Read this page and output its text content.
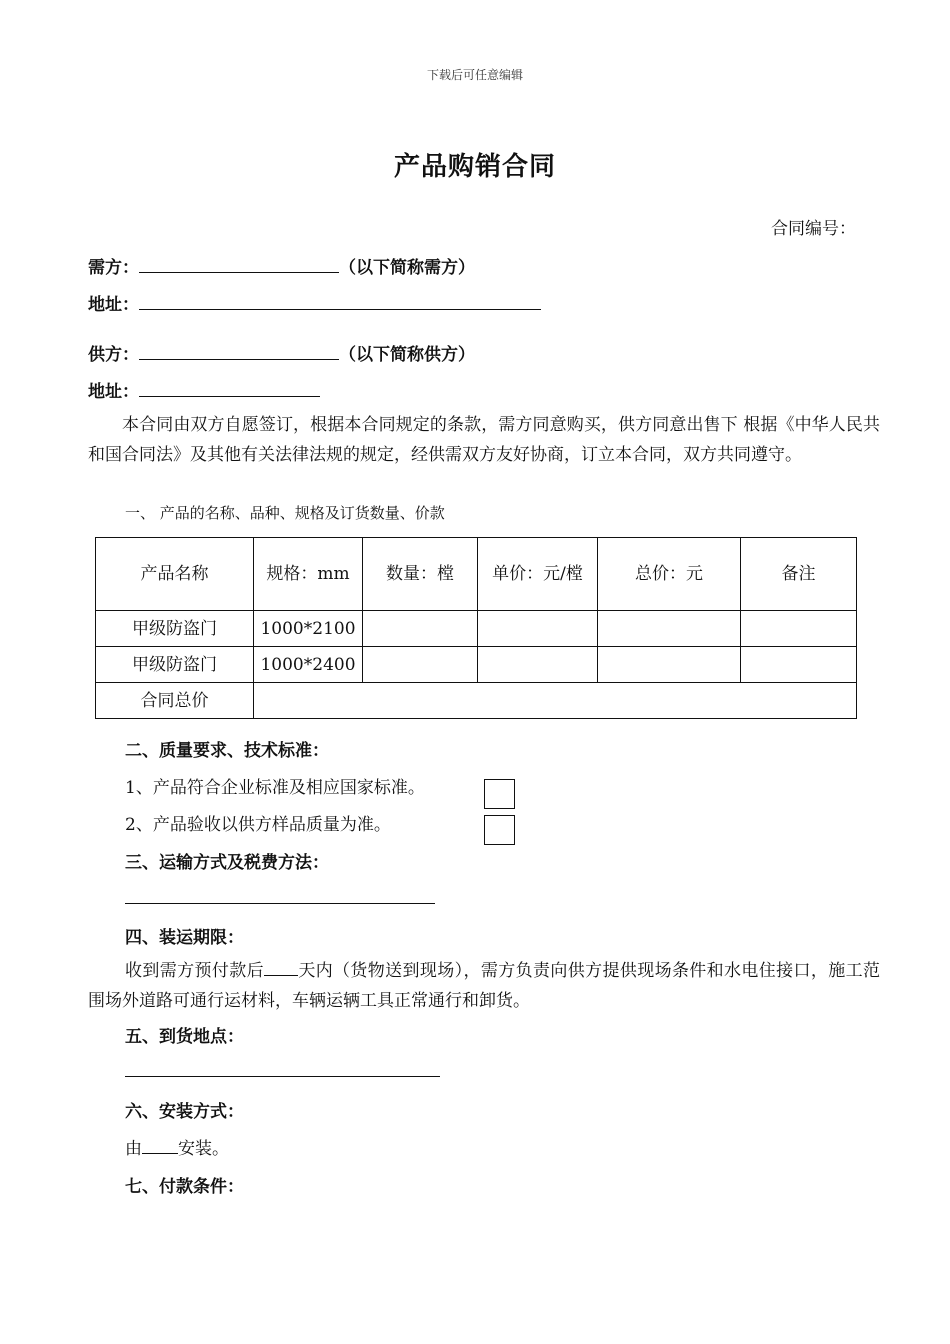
下载后可任意编辑
产品购销合同
合同编号：
需方：	（以下简称需方）
地址：
供方：	（以下简称供方）
地址：
本合同由双方自愿签订，根据本合同规定的条款，需方同意购买，供方同意出售下 根据《中华人民共和国合同法》及其他有关法律法规的规定，经供需双方友好协商，订立本合同，双方共同遵守。
一、 产品的名称、品种、规格及订货数量、价款
产品名称	规格：mm	数量：樘	单价：元/樘	总价：元	备注
甲级防盗门	1000*2100				
甲级防盗门	1000*2400				
合同总价					
二、质量要求、技术标准：
1、产品符合企业标准及相应国家标准。
2、产品验收以供方样品质量为准。
三、运输方式及税费方法：
四、装运期限：
收到需方预付款后 天内（货物送到现场），需方负责向供方提供现场条件和水电住接口，施工范围场外道路可通行运材料，车辆运辆工具正常通行和卸货。
五、到货地点：
六、安装方式：
由 安装。
七、付款条件：
